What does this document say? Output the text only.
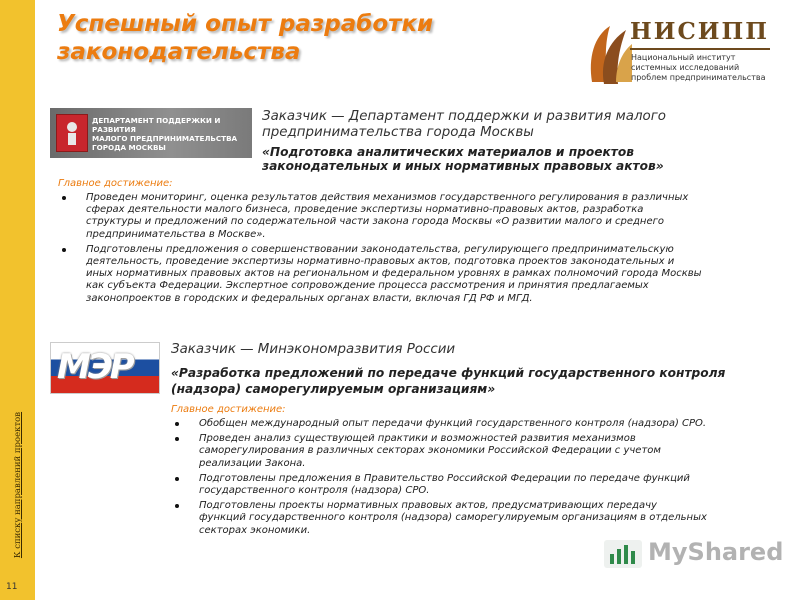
К списку направлений проектов
11
Успешный опыт разработки
законодательства
НИСИПП
Национальный институт
системных исследований
проблем предпринимательства
ДЕПАРТАМЕНТ ПОДДЕРЖКИ И РАЗВИТИЯ
МАЛОГО ПРЕДПРИНИМАТЕЛЬСТВА
ГОРОДА МОСКВЫ

Заказчик — Департамент поддержки и развития малого
предпринимательства города Москвы

«Подготовка аналитических материалов и проектов
законодательных и иных нормативных правовых актов»

Главное достижение:

Проведен мониторинг, оценка результатов действия механизмов государственного регулирования в различных
сферах деятельности малого бизнеса, проведение экспертизы нормативно-правовых актов, разработка
структуры и предложений по содержательной части закона города Москвы «О развитии малого и среднего
предпринимательства в Москве».
Подготовлены предложения о совершенствовании законодательства, регулирующего предпринимательскую
деятельность, проведение экспертизы нормативно-правовых актов, подготовка проектов законодательных и
иных нормативных правовых актов на региональном и федеральном уровнях в рамках полномочий города Москвы
как субъекта Федерации. Экспертное сопровождение процесса рассмотрения и принятия предлагаемых
законопроектов в городских и федеральных органах власти, включая ГД РФ и МГД.
МЭР	Заказчик — Минэкономразвития России

«Разработка предложений по передаче функций государственного контроля
(надзора) саморегулируемым организациям»

Главное достижение:

Обобщен международный опыт передачи функций государственного контроля (надзора) СРО.
Проведен анализ существующей практики и возможностей развития механизмов
саморегулирования в различных секторах экономики Российской Федерации с учетом
реализации Закона.
Подготовлены предложения в Правительство Российской Федерации по передаче функций
государственного контроля (надзора) СРО.
Подготовлены проекты нормативных правовых актов, предусматривающих передачу
функций государственного контроля (надзора) саморегулируемым организациям в отдельных
секторах экономики.
MyShared
